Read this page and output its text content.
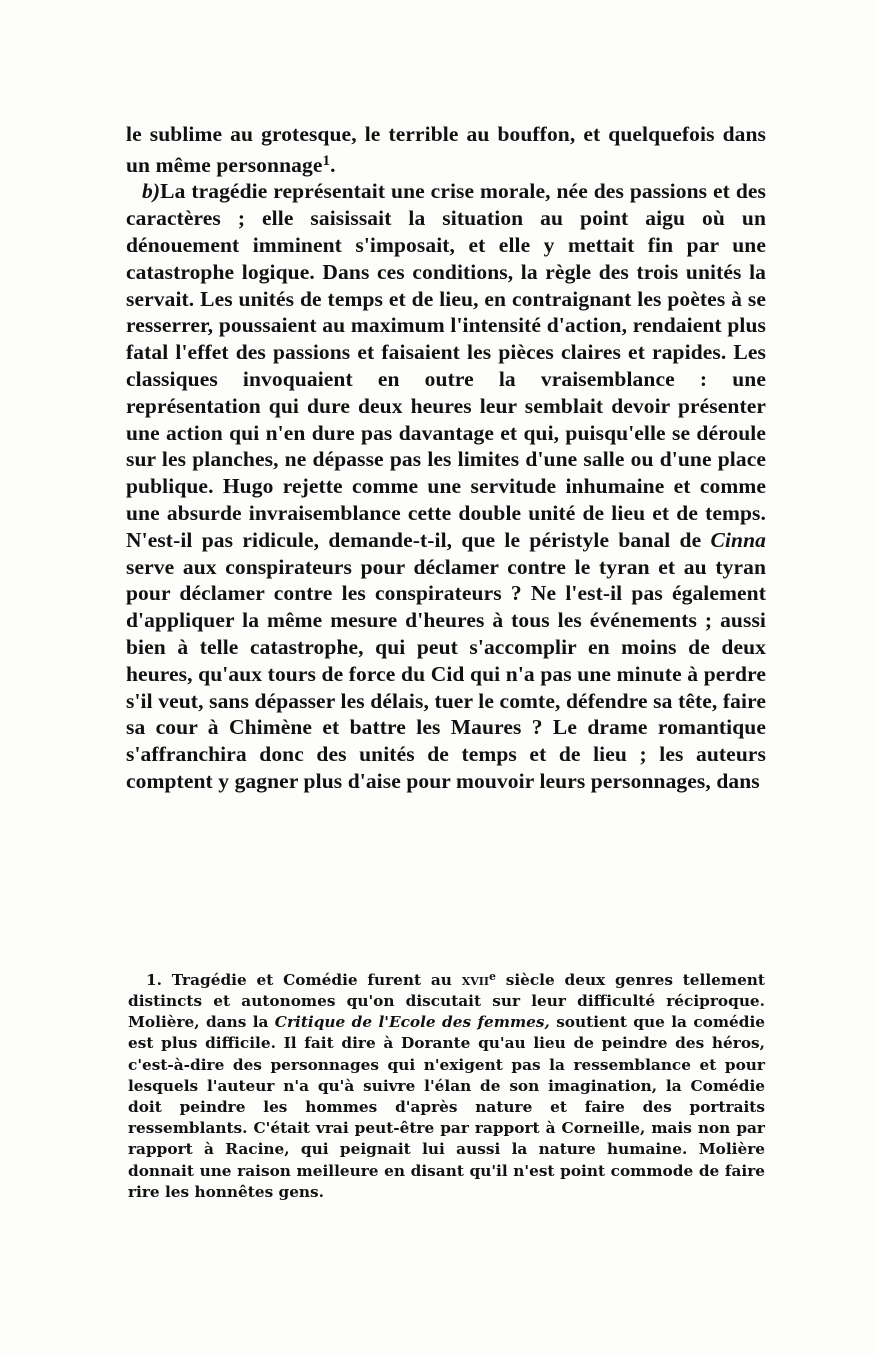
le sublime au grotesque, le terrible au bouffon, et quelquefois dans un même personnage$^1$.

b)La tragédie représentait une crise morale, née des passions et des caractères ; elle saisissait la situation au point aigu où un dénouement imminent s'imposait, et elle y mettait fin par une catastrophe logique. Dans ces conditions, la règle des trois unités la servait. Les unités de temps et de lieu, en contraignant les poètes à se resserrer, poussaient au maximum l'intensité d'action, rendaient plus fatal l'effet des passions et faisaient les pièces claires et rapides. Les classiques invoquaient en outre la vraisemblance : une représentation qui dure deux heures leur semblait devoir présenter une action qui n'en dure pas davantage et qui, puisqu'elle se déroule sur les planches, ne dépasse pas les limites d'une salle ou d'une place publique. Hugo rejette comme une servitude inhumaine et comme une absurde invraisemblance cette double unité de lieu et de temps. N'est-il pas ridicule, demande-t-il, que le péristyle banal de Cinna serve aux conspirateurs pour déclamer contre le tyran et au tyran pour déclamer contre les conspirateurs ? Ne l'est-il pas également d'appliquer la même mesure d'heures à tous les événements ; aussi bien à telle catastrophe, qui peut s'accomplir en moins de deux heures, qu'aux tours de force du Cid qui n'a pas une minute à perdre s'il veut, sans dépasser les délais, tuer le comte, défendre sa tête, faire sa cour à Chimène et battre les Maures ? Le drame romantique s'affranchira donc des unités de temps et de lieu ; les auteurs comptent y gagner plus d'aise pour mouvoir leurs personnages, dans

1. Tragédie et Comédie furent au xvii$^e$ siècle deux genres tellement distincts et autonomes qu'on discutait sur leur difficulté réciproque. Molière, dans la Critique de l'Ecole des femmes, soutient que la comédie est plus difficile. Il fait dire à Dorante qu'au lieu de peindre des héros, c'est-à-dire des personnages qui n'exigent pas la ressemblance et pour lesquels l'auteur n'a qu'à suivre l'élan de son imagination, la Comédie doit peindre les hommes d'après nature et faire des portraits ressemblants. C'était vrai peut-être par rapport à Corneille, mais non par rapport à Racine, qui peignait lui aussi la nature humaine. Molière donnait une raison meilleure en disant qu'il n'est point commode de faire rire les honnêtes gens.
